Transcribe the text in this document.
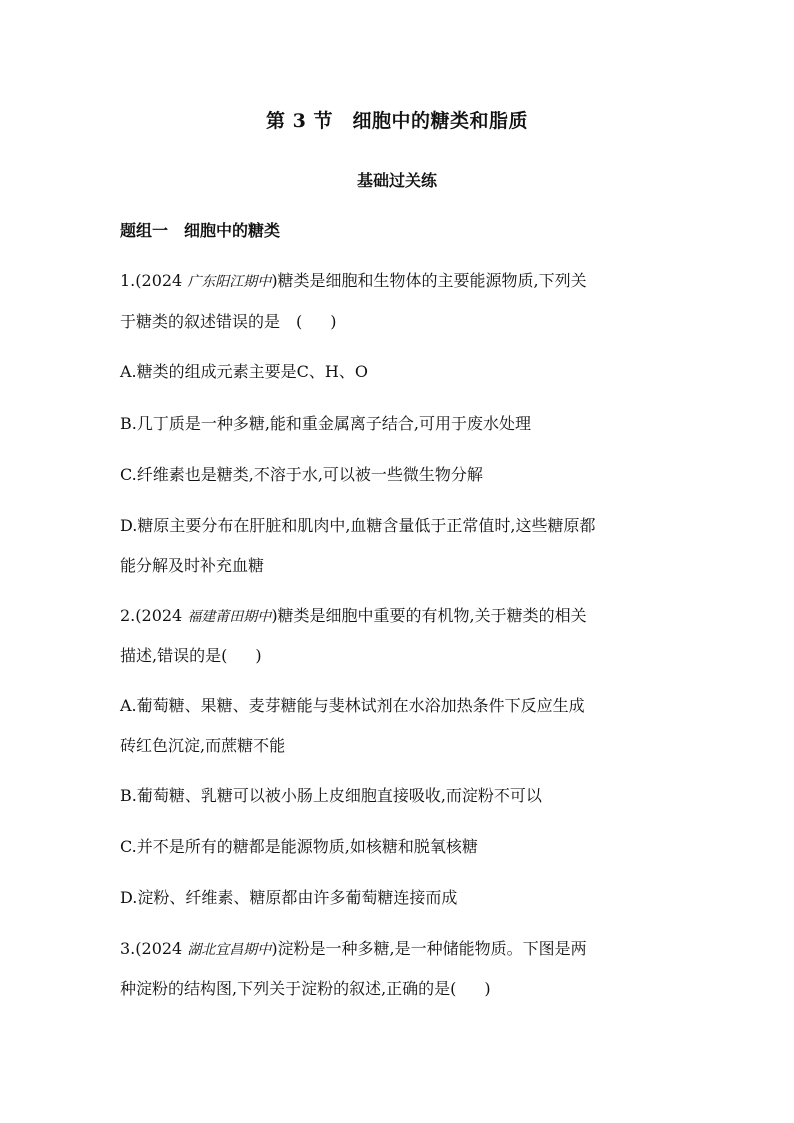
第 3 节　细胞中的糖类和脂质
基础过关练
题组一　细胞中的糖类
1.(2024 广东阳江期中)糖类是细胞和生物体的主要能源物质,下列关
于糖类的叙述错误的是　( )
A.糖类的组成元素主要是C、H、O
B.几丁质是一种多糖,能和重金属离子结合,可用于废水处理
C.纤维素也是糖类,不溶于水,可以被一些微生物分解
D.糖原主要分布在肝脏和肌肉中,血糖含量低于正常值时,这些糖原都
能分解及时补充血糖
2.(2024 福建莆田期中)糖类是细胞中重要的有机物,关于糖类的相关
描述,错误的是( )
A.葡萄糖、果糖、麦芽糖能与斐林试剂在水浴加热条件下反应生成
砖红色沉淀,而蔗糖不能
B.葡萄糖、乳糖可以被小肠上皮细胞直接吸收,而淀粉不可以
C.并不是所有的糖都是能源物质,如核糖和脱氧核糖
D.淀粉、纤维素、糖原都由许多葡萄糖连接而成
3.(2024 湖北宜昌期中)淀粉是一种多糖,是一种储能物质。下图是两
种淀粉的结构图,下列关于淀粉的叙述,正确的是( )
